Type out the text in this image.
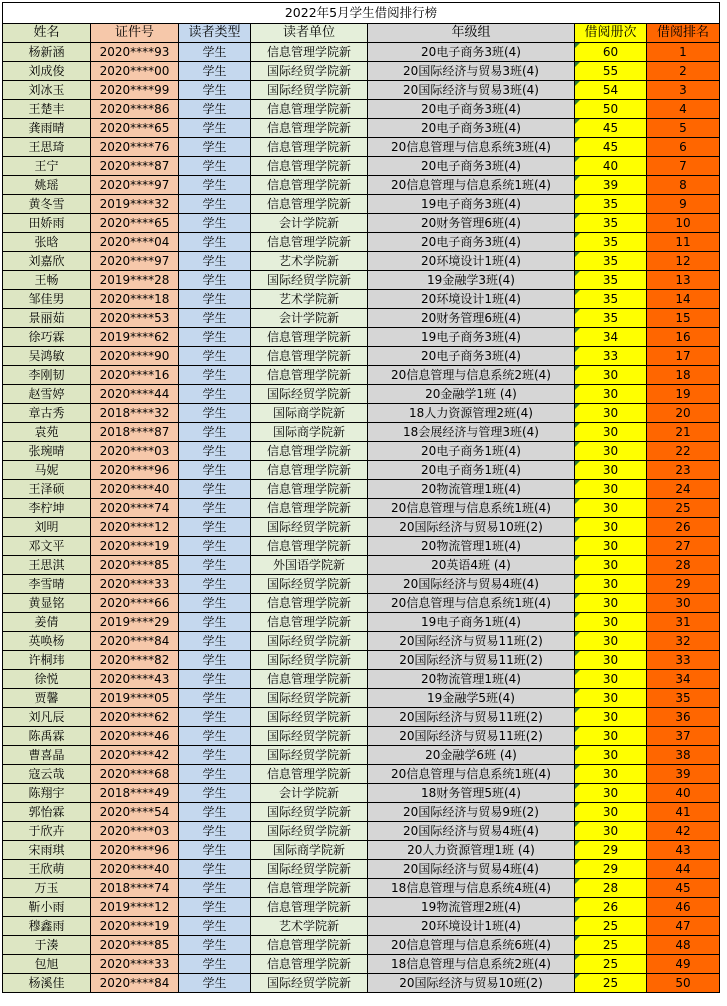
2022年5月学生借阅排行榜						
姓名	证件号	读者类型	读者单位	年级组	借阅册次	借阅排名
杨新涵	2020****93	学生	信息管理学院新	20电子商务3班(4)	60	1
刘成俊	2020****00	学生	国际经贸学院新	20国际经济与贸易3班(4)	55	2
刘冰玉	2020****99	学生	国际经贸学院新	20国际经济与贸易3班(4)	54	3
王楚丰	2020****86	学生	信息管理学院新	20电子商务3班(4)	50	4
龚雨晴	2020****65	学生	信息管理学院新	20电子商务3班(4)	45	5
王思琦	2020****76	学生	信息管理学院新	20信息管理与信息系统3班(4)	45	6
王宁	2020****87	学生	信息管理学院新	20电子商务3班(4)	40	7
姚瑶	2020****97	学生	信息管理学院新	20信息管理与信息系统1班(4)	39	8
黄冬雪	2019****32	学生	信息管理学院新	19电子商务3班(4)	35	9
田娇雨	2020****65	学生	会计学院新	20财务管理6班(4)	35	10
张晗	2020****04	学生	信息管理学院新	20电子商务3班(4)	35	11
刘嘉欣	2020****97	学生	艺术学院新	20环境设计1班(4)	35	12
王畅	2019****28	学生	国际经贸学院新	19金融学3班(4)	35	13
邹佳男	2020****18	学生	艺术学院新	20环境设计1班(4)	35	14
景丽茹	2020****53	学生	会计学院新	20财务管理6班(4)	35	15
徐巧霖	2019****62	学生	信息管理学院新	19电子商务3班(4)	34	16
吴鸿敏	2020****90	学生	信息管理学院新	20电子商务3班(4)	33	17
李刚韧	2020****16	学生	信息管理学院新	20信息管理与信息系统2班(4)	30	18
赵雪婷	2020****44	学生	国际经贸学院新	20金融学1班 (4)	30	19
章古秀	2018****32	学生	国际商学院新	18人力资源管理2班(4)	30	20
袁苑	2018****87	学生	国际商学院新	18会展经济与管理3班(4)	30	21
张琬晴	2020****03	学生	信息管理学院新	20电子商务1班(4)	30	22
马妮	2020****96	学生	信息管理学院新	20电子商务1班(4)	30	23
王泽硕	2020****40	学生	信息管理学院新	20物流管理1班(4)	30	24
李柠坤	2020****74	学生	信息管理学院新	20信息管理与信息系统1班(4)	30	25
刘明	2020****12	学生	国际经贸学院新	20国际经济与贸易10班(2)	30	26
邓文平	2020****19	学生	信息管理学院新	20物流管理1班(4)	30	27
王思淇	2020****85	学生	外国语学院新	20英语4班 (4)	30	28
李雪晴	2020****33	学生	国际经贸学院新	20国际经济与贸易4班(4)	30	29
黄显铭	2020****66	学生	信息管理学院新	20信息管理与信息系统1班(4)	30	30
姜倩	2019****29	学生	信息管理学院新	19电子商务1班(4)	30	31
英唤杨	2020****84	学生	国际经贸学院新	20国际经济与贸易11班(2)	30	32
许桐玮	2020****82	学生	国际经贸学院新	20国际经济与贸易11班(2)	30	33
徐悦	2020****43	学生	信息管理学院新	20物流管理1班(4)	30	34
贾馨	2019****05	学生	国际经贸学院新	19金融学5班(4)	30	35
刘凡辰	2020****62	学生	国际经贸学院新	20国际经济与贸易11班(2)	30	36
陈禹霖	2020****46	学生	国际经贸学院新	20国际经济与贸易11班(2)	30	37
曹喜晶	2020****42	学生	国际经贸学院新	20金融学6班 (4)	30	38
寇云哉	2020****68	学生	信息管理学院新	20信息管理与信息系统1班(4)	30	39
陈翔宇	2018****49	学生	会计学院新	18财务管理5班(4)	30	40
郭怡霖	2020****54	学生	国际经贸学院新	20国际经济与贸易9班(2)	30	41
于欣卉	2020****03	学生	国际经贸学院新	20国际经济与贸易4班(4)	30	42
宋雨琪	2020****96	学生	国际商学院新	20人力资源管理1班 (4)	29	43
王欣萌	2020****40	学生	国际经贸学院新	20国际经济与贸易4班(4)	29	44
万玉	2018****74	学生	信息管理学院新	18信息管理与信息系统4班(4)	28	45
靳小雨	2019****12	学生	信息管理学院新	19物流管理2班(4)	26	46
穆鑫雨	2020****19	学生	艺术学院新	20环境设计1班(4)	25	47
于湊	2020****85	学生	信息管理学院新	20信息管理与信息系统6班(4)	25	48
包旭	2020****33	学生	信息管理学院新	18信息管理与信息系统2班(4)	25	49
杨溪佳	2020****84	学生	国际经贸学院新	20国际经济与贸易10班(2)	25	50
